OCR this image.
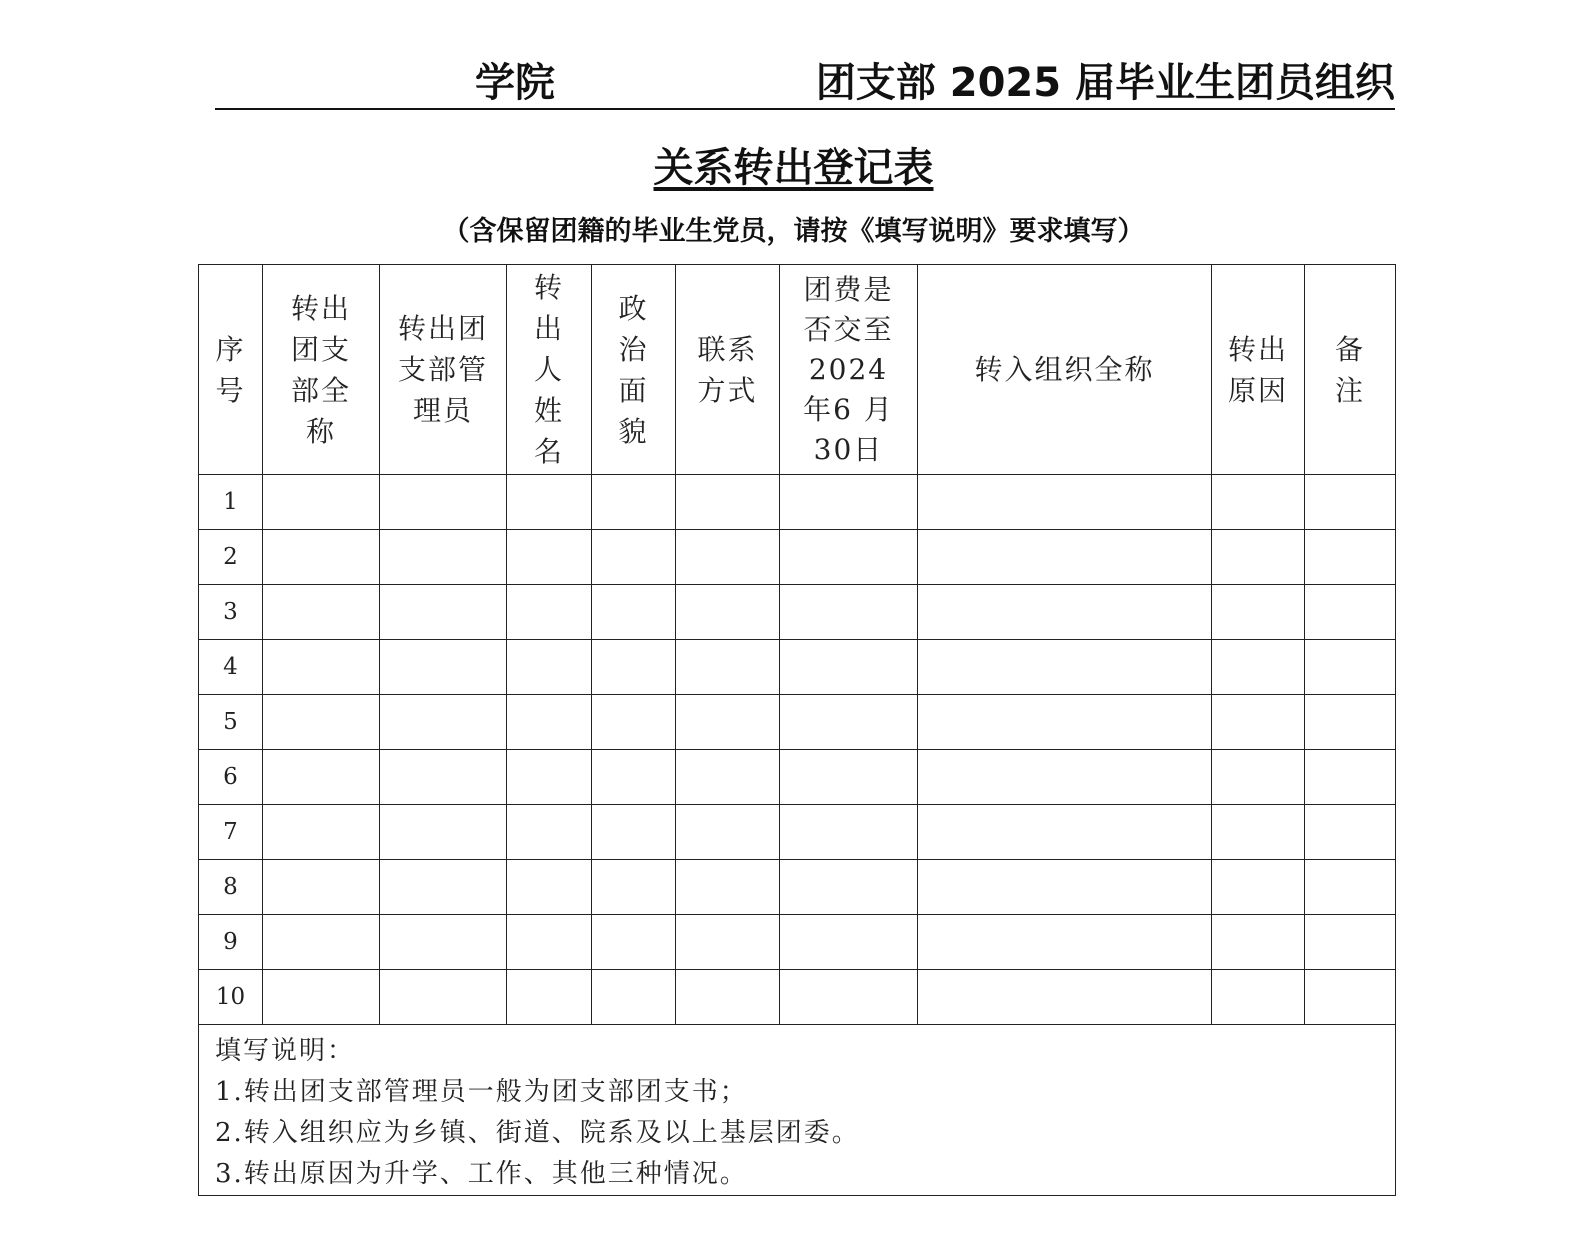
学院	团支部 2025 届毕业生团员组织
关系转出登记表
（含保留团籍的毕业生党员，请按《填写说明》要求填写）
序号	转出团支部全称	转出团支部管理员	转出人姓名	政治面貌	联系方式	团费是否交至2024 年6 月 30日	转入组织全称	转出原因	备注
1									
2									
3									
4									
5									
6									
7									
8									
9									
10									

填写说明：
1.转出团支部管理员一般为团支部团支书；
2.转入组织应为乡镇、街道、院系及以上基层团委。
3.转出原因为升学、工作、其他三种情况。									
